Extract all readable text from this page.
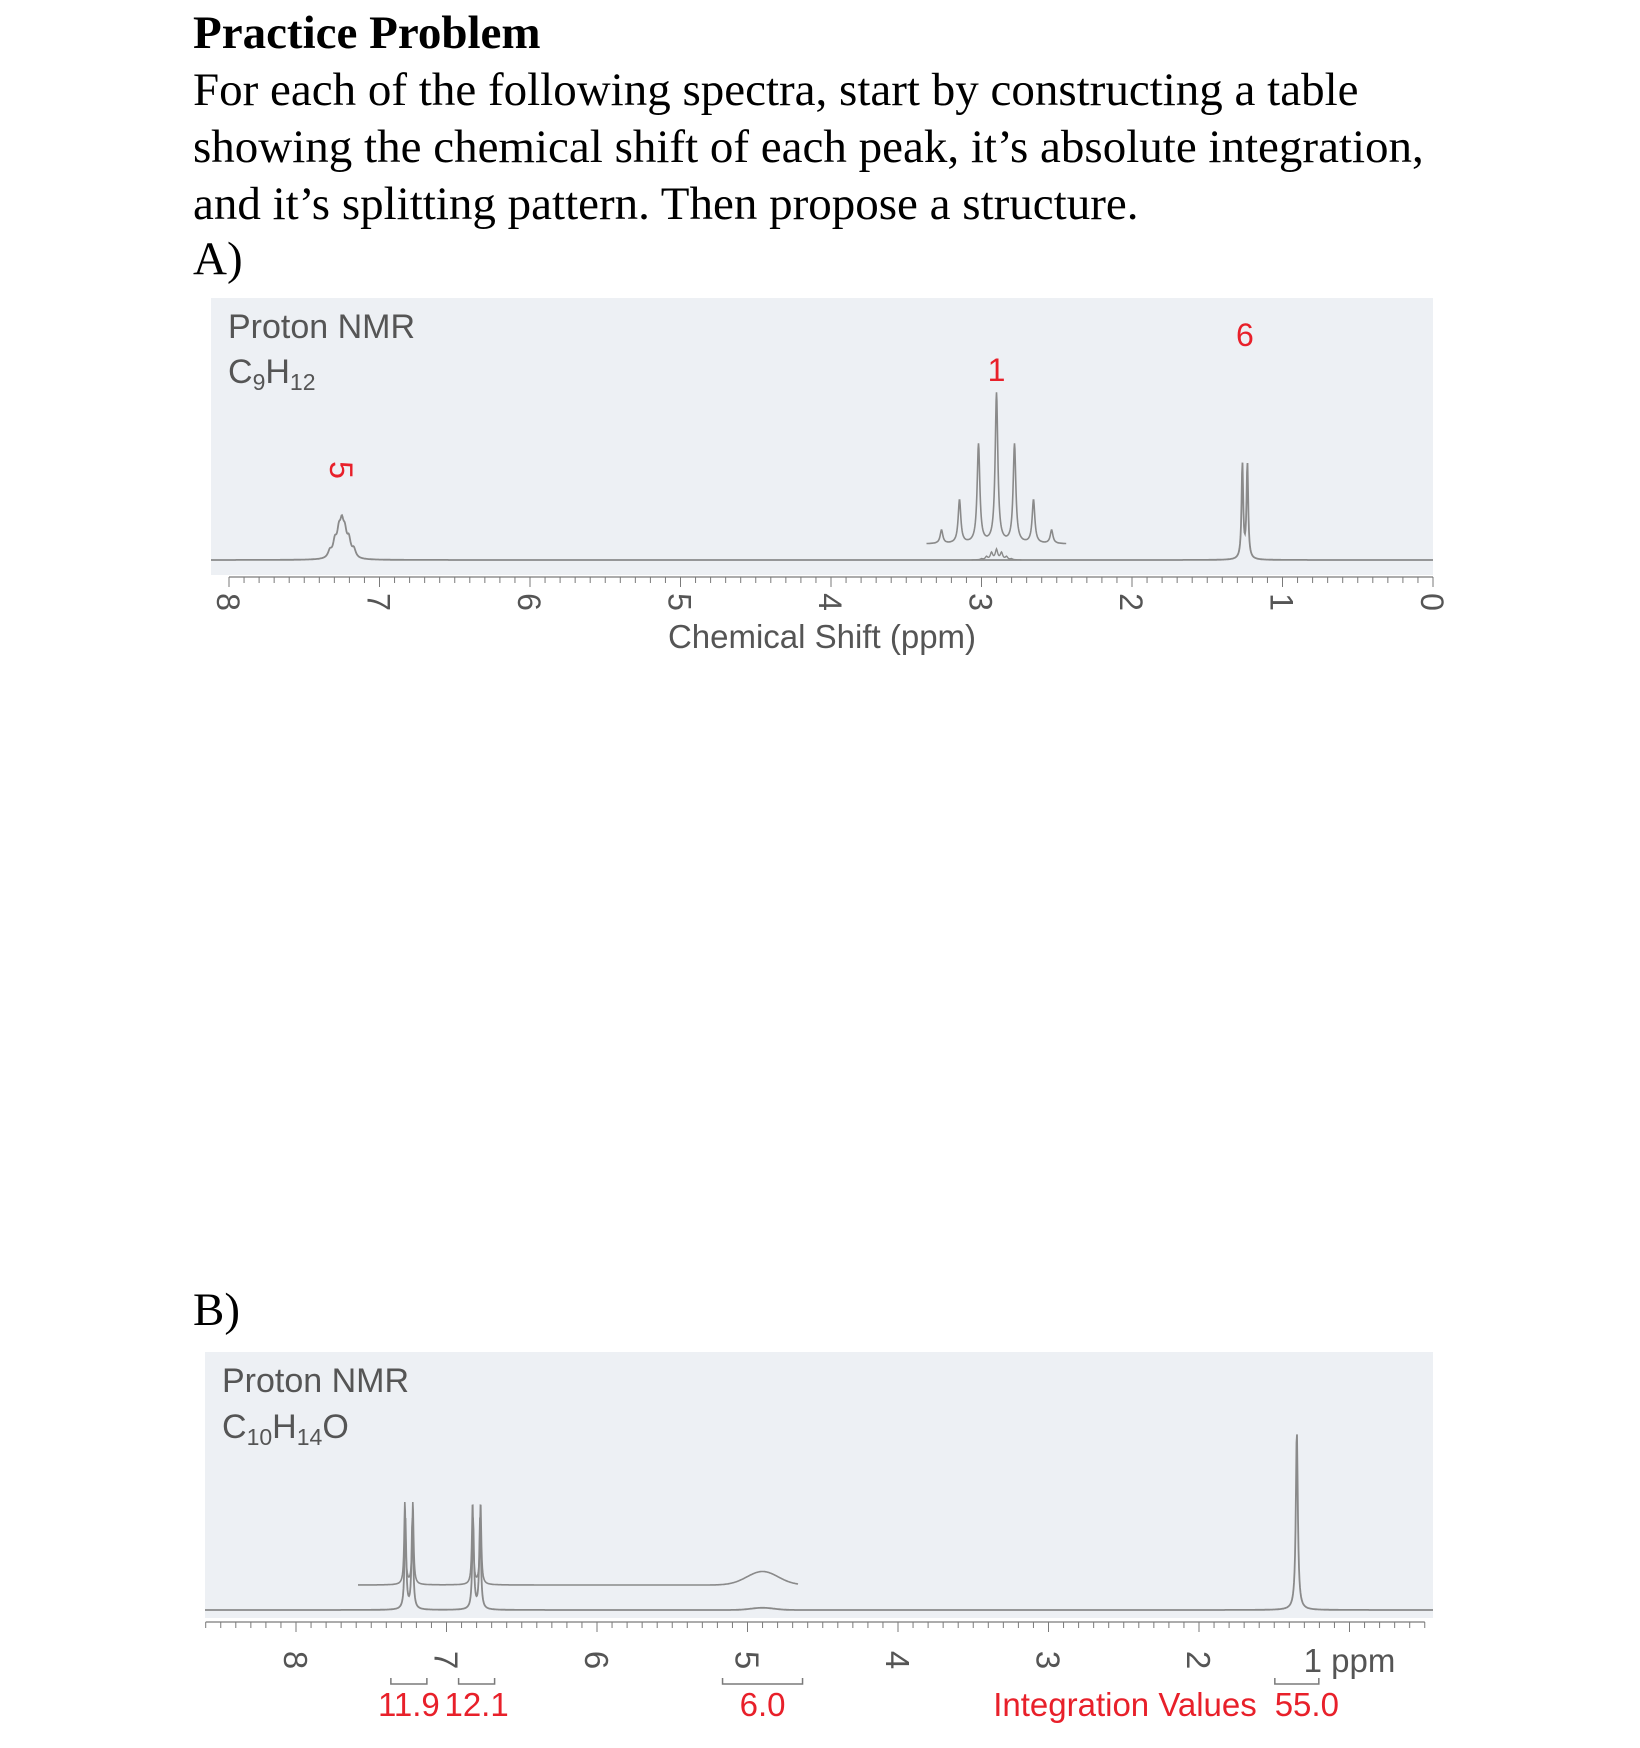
Practice Problem
For each of the following spectra, start by constructing a table showing the chemical shift of each peak, it’s absolute integration, and it’s splitting pattern. Then propose a structure.
A)
B)
Proton NMR
$C_9H_{12}$
8	7	6	5	4	3	2	1	0
5
1
6
Chemical Shift (ppm)
Proton NMR
$C_{10}H_{14}O$
8	7	6	5	4	3	2	1 ppm
11.9 12.1	6.0	55.0
Integration Values
